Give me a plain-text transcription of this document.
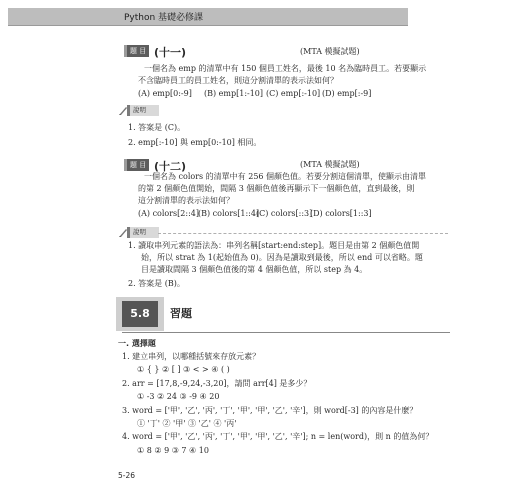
Python 基礎必修課
題 目 (十一)	(MTA 模擬試題)
一個名為 emp 的清單中有 150 個員工姓名，最後 10 名為臨時員工。若要顯示
不含臨時員工的員工姓名，則這分割清單的表示法如何？
(A) emp[0:-9] (B) emp[1:-10] (C) emp[:-10] (D) emp[:-9]
說明
1. 答案是 (C)。
2. emp[:-10] 與 emp[0:-10] 相同。
題 目 (十二)	(MTA 模擬試題)
一個名為 colors 的清單中有 256 個顏色值。若要分割這個清單，使顯示由清單
的第 2 個顏色值開始，間隔 3 個顏色值後再顯示下一個顏色值，直到最後，則
這分割清單的表示法如何？
(A) colors[2::4] (B) colors[1::4]
(C) colors[::3]
(D) colors[1::3]
說明
1. 讀取串列元素的語法為：串列名稱[start:end:step]。題目是由第 2 個顏色值開
始，所以 strat 為 1(起始值為 0)。因為是讀取到最後，所以 end 可以省略。題
目是讀取間隔 3 個顏色值後的第 4 個顏色值，所以 step 為 4。
2. 答案是 (B)。
5.8	習題
一. 選擇題
1. 建立串列，以哪種括號來存放元素？
① { } ② [ ] ③ < > ④ ( )
2. arr = [17,8,-9,24,-3,20]，請問 arr[4] 是多少？
① -3 ② 24 ③ -9 ④ 20
3. word = ['甲', '乙', '丙', '丁', '甲', '甲', '乙', '辛']，則 word[-3] 的內容是什麼？
① '丁' ② '甲' ③ '乙' ④ '丙'
4. word = ['甲', '乙', '丙', '丁', '甲', '甲', '乙', '辛']; n = len(word)，則 n 的值為何？
① 8 ② 9 ③ 7 ④ 10
5-26
